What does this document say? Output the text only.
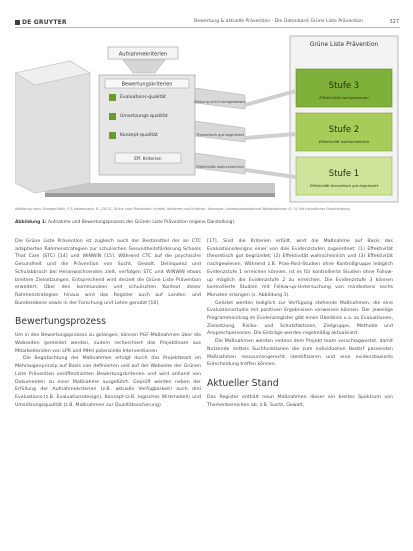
DE GRUYTER	Bewertung & aktuelle Prävention - Die Datenbank Grüne Liste Prävention	327
Aufnahmekriterien
Bewertungskriterien
Evaluations-qualität
Umsetzungs-qualität
Konzept-qualität
Eff. Kriterien
Wirkung nicht nachgewiesen
Theoretisch gut begründet
Effektivität wahrscheinlich
Grüne Liste Prävention
Stufe 3
Effektivität nachgewiesen
Stufe 2
Effektivität wahrscheinlich
Stufe 1
Effektivität theoretisch gut begründet
Abbildung nach: Groeger-Roth, F. & Hasenpusch, B. (2011). Grüne Liste Prävention: Inhalte, Verfahren und Kriterien. Hannover: Landespräventionsrat Niedersachsen (S. 5). Mit freundlicher Genehmigung.
Abbildung 1: Aufnahme und Bewertungsprozess der Grünen Liste Prävention (eigene Darstellung).

Die Grüne Liste Prävention ist zugleich auch der Bestandteil der an CTC adaptierten Rahmenstrategien zur schulischen Gesundheitsförderung Schools That Care (STC) [14] und WiNWiN [15]. Während CTC auf die psychische Gesundheit und die Prävention von Sucht, Gewalt, Delinquenz und Schulabbruch bei Heranwachsenden zielt, verfolgen STC und WiNWiN etwas breitere Zielsetzungen. Entsprechend wird derzeit die Grüne Liste Prävention erweitert. Über den kommunalen und schulischen Kontext dieser Rahmenstrategien hinaus wird das Register auch auf Landes- und Bundesebene sowie in der Forschung und Lehre genutzt [16].

Bewertungsprozess

Um in den Bewertungsprozess zu gelangen, können PGF-Maßnahmen über die Webseiten gemeldet werden, zudem recherchiert das Projektteam aus Mitarbeitenden von LPR und MHH potenzielle Interventionen.

Die Begutachtung der Maßnahmen erfolgt durch das Projektteam im Mehraugenprinzip auf Basis von definierten und auf der Webseite der Grünen Liste Prävention veröffentlichten Bewertungskriterien und wird anhand von Dokumenten zu einer Maßnahme ausgeführt. Geprüft werden neben der Erfüllung der Aufnahmekriterien (z.B. aktuelle Verfügbarkeit) auch drei Evaluations-(z.B. Evaluationsdesign), Konzept-(z.B. logisches Wirkmodell) und Umsetzungsqualität (z.B. Maßnahmen zur Qualitätssicherung)

[17]. Sind die Kriterien erfüllt, wird die Maßnahme auf Basis des Evaluationsdesigns einer von drei Evidenzstufen zugeordnet: (1) Effektivität theoretisch gut begründet; (2) Effektivität wahrscheinlich und (3) Effektivität nachgewiesen. Während z.B. Prae-Post-Studien ohne Kontrollgruppe lediglich Evidenzstufe 1 erreichen können, ist es für kontrollierte Studien ohne Follow-up möglich die Evidenzstufe 2 zu erreichen. Die Evidenzstufe 3 können kontrollierte Studien mit Follow-up-Untersuchung von mindestens sechs Monaten erlangen (s. Abbildung 1).

Gelistet werden lediglich zur Verfügung stehende Maßnahmen, die eine Evaluationsstudie mit positiven Ergebnissen vorweisen können. Der jeweilige Programmeintrag im Evidenzregister gibt einen Überblick u.a. zu Evaluationen, Zielsetzung, Risiko- und Schutzfaktoren, Zielgruppe, Methode und Ansprechpersonen. Die Einträge werden regelmäßig aktualisiert.

Die Maßnahmen werden seitens dem Projekt team verschlagwortet, damit Nutzende mittels Suchfunktionen die zum individuellen Bedarf passenden Maßnahmen ressourcengerecht identifizieren und eine evidenzbasierte Entscheidung treffen können.

Aktueller Stand

Das Register enthält neun Maßnahmen dieser ein breites Spektrum von Themenbereichen ab, z.B. Sucht, Gewalt,
